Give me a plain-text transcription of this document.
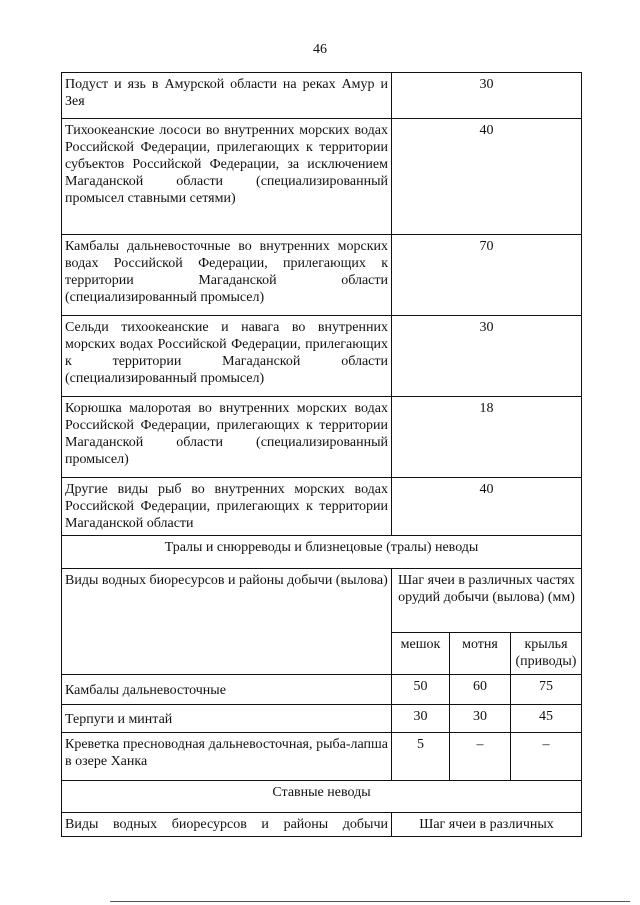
46
Подуст и язь в Амурской области на реках Амур и Зея	30		
Тихоокеанские лососи во внутренних морских водах Российской Федерации, прилегающих к территории субъектов Российской Федерации, за исключением Магаданской области (специализированный промысел ставными сетями)	40		
Камбалы дальневосточные во внутренних морских водах Российской Федерации, прилегающих к территории Магаданской области (специализированный промысел)	70		
Сельди тихоокеанские и навага во внутренних морских водах Российской Федерации, прилегающих к территории Магаданской области (специализированный промысел)	30		
Корюшка малоротая во внутренних морских водах Российской Федерации, прилегающих к территории Магаданской области (специализированный промысел)	18		
Другие виды рыб во внутренних морских водах Российской Федерации, прилегающих к территории Магаданской области	40		
Тралы и снюрреводы и близнецовые (тралы) неводы			
Виды водных биоресурсов и районы добычи (вылова)	Шаг ячеи в различных частях орудий добычи (вылова) (мм)		
	мешок	мотня	крылья (приводы)
Камбалы дальневосточные	50	60	75
Терпуги и минтай	30	30	45
Креветка пресноводная дальневосточная, рыба-лапша в озере Ханка	5	–	–
Ставные неводы			
Виды водных биоресурсов и районы добычи	Шаг ячеи в различных		
